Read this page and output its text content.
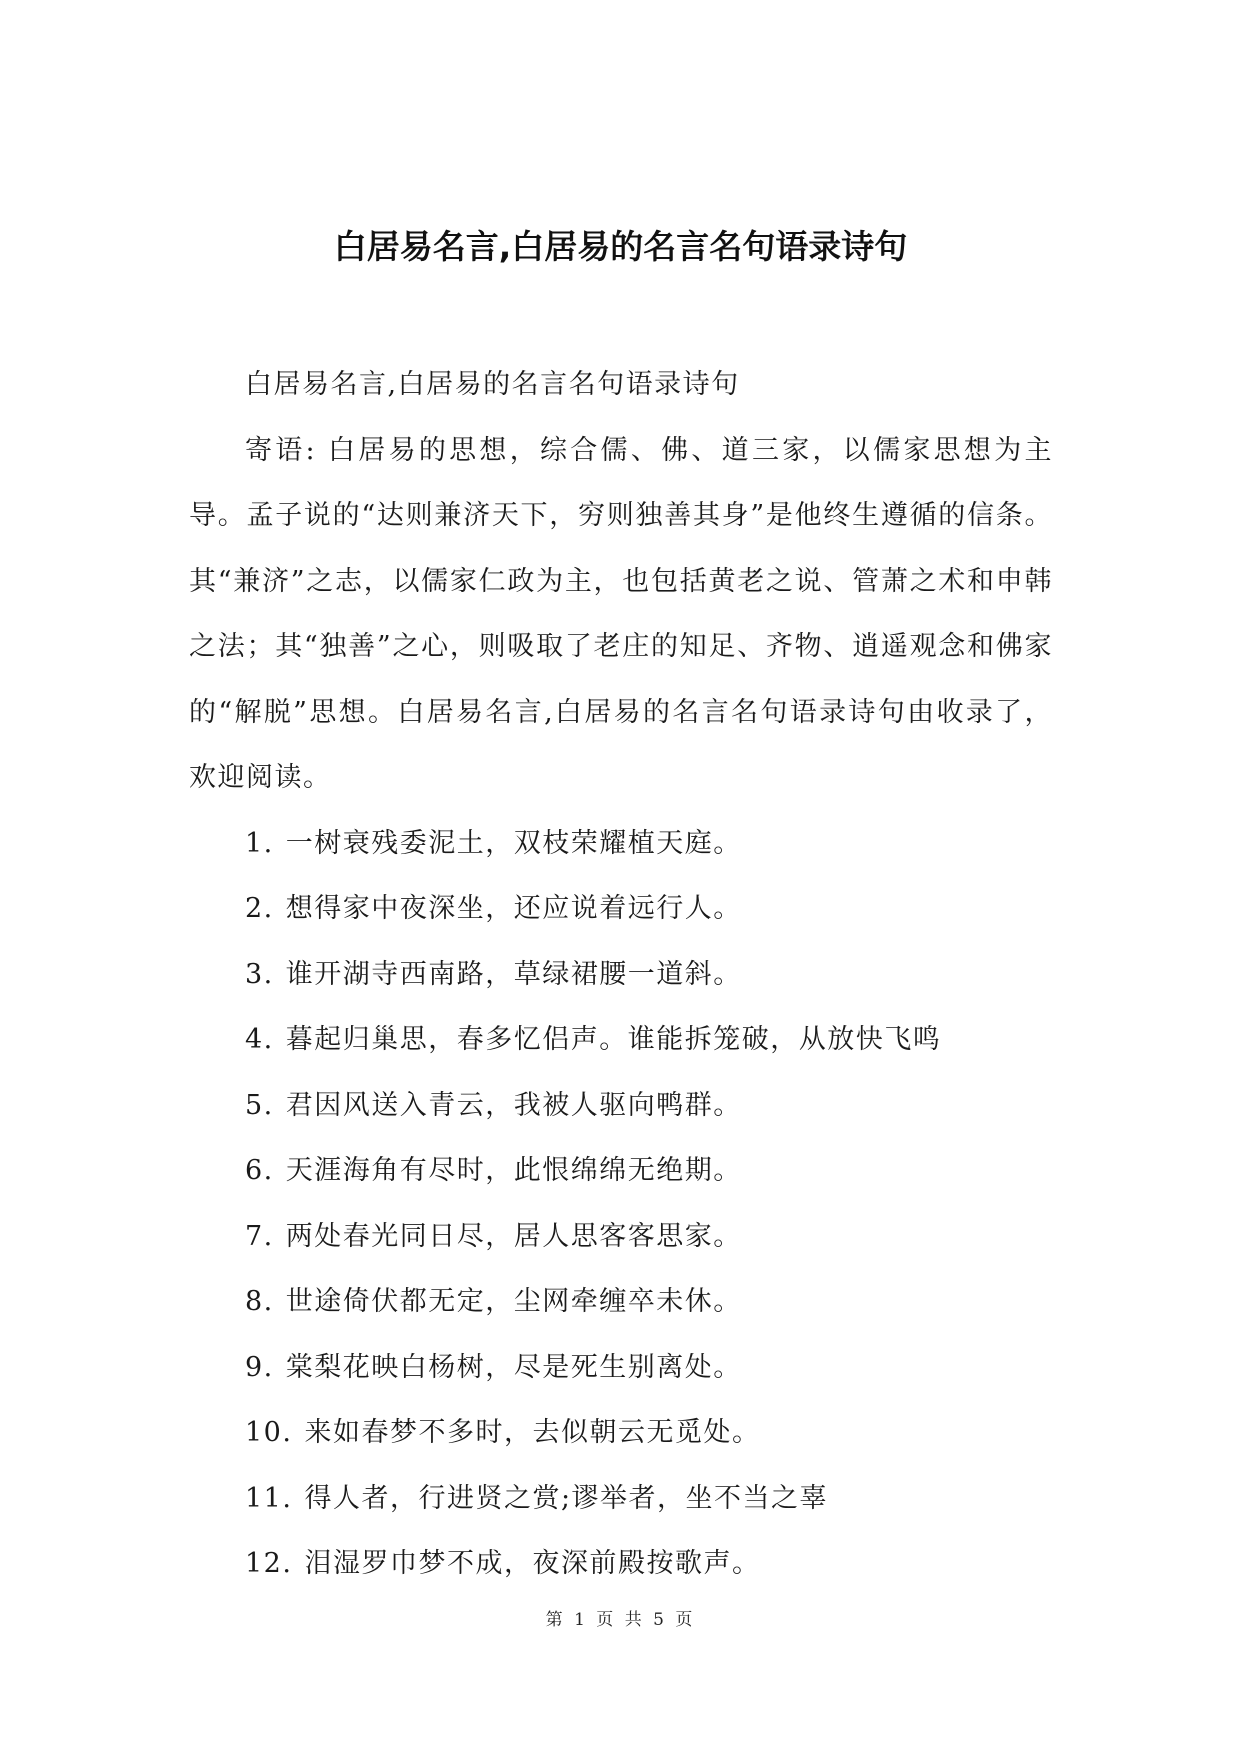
白居易名言,白居易的名言名句语录诗句

白居易名言,白居易的名言名句语录诗句

寄语: 白居易的思想，综合儒、佛、道三家，以儒家思想为主导。孟子说的“达则兼济天下，穷则独善其身”是他终生遵循的信条。其“兼济”之志，以儒家仁政为主，也包括黄老之说、管萧之术和申韩之法；其“独善”之心，则吸取了老庄的知足、齐物、逍遥观念和佛家的“解脱”思想。白居易名言,白居易的名言名句语录诗句由收录了，欢迎阅读。

1. 一树衰残委泥土，双枝荣耀植天庭。
2. 想得家中夜深坐，还应说着远行人。
3. 谁开湖寺西南路，草绿裙腰一道斜。
4. 暮起归巢思，春多忆侣声。谁能拆笼破，从放快飞鸣
5. 君因风送入青云，我被人驱向鸭群。
6. 天涯海角有尽时，此恨绵绵无绝期。
7. 两处春光同日尽，居人思客客思家。
8. 世途倚伏都无定，尘网牵缠卒未休。
9. 棠梨花映白杨树，尽是死生别离处。
10. 来如春梦不多时，去似朝云无觅处。
11. 得人者，行进贤之赏;谬举者，坐不当之辜
12. 泪湿罗巾梦不成，夜深前殿按歌声。
第 1 页 共 5 页
